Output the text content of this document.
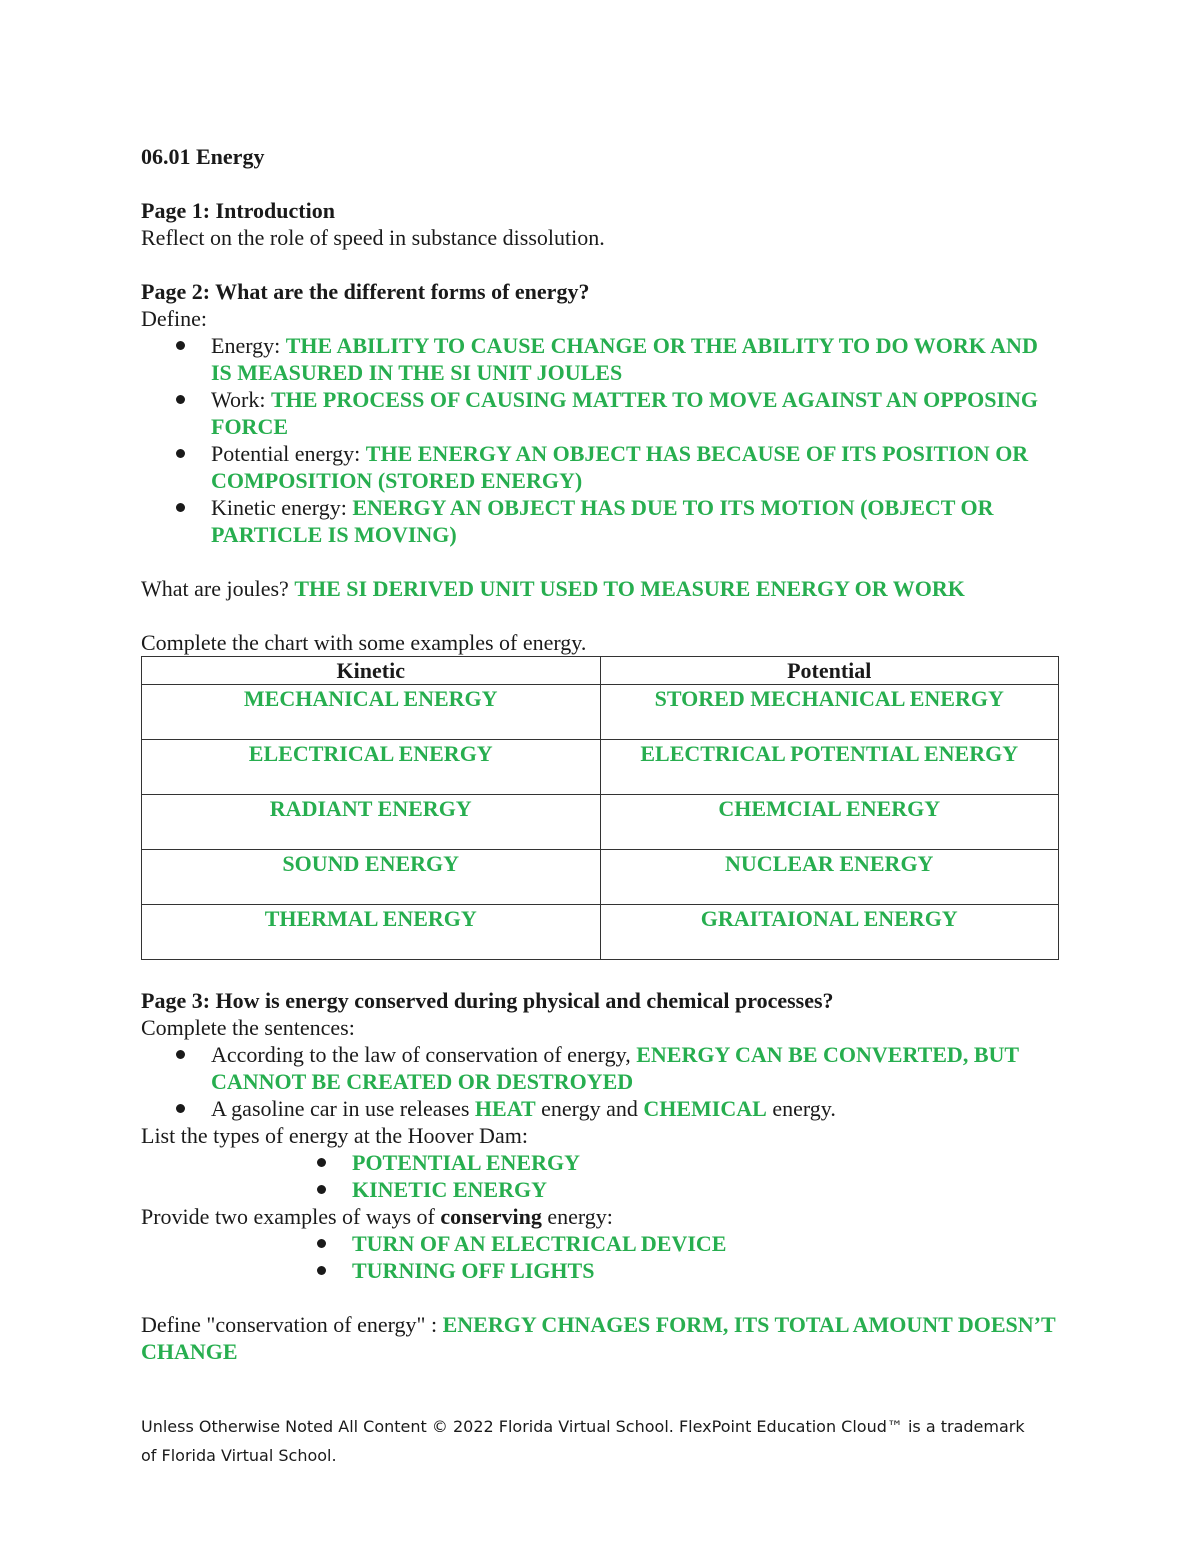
06.01 Energy

Page 1: Introduction

Reflect on the role of speed in substance dissolution.

Page 2: What are the different forms of energy?

Define:

Energy: THE ABILITY TO CAUSE CHANGE OR THE ABILITY TO DO WORK AND IS MEASURED IN THE SI UNIT JOULES
Work: THE PROCESS OF CAUSING MATTER TO MOVE AGAINST AN OPPOSING FORCE
Potential energy: THE ENERGY AN OBJECT HAS BECAUSE OF ITS POSITION OR COMPOSITION (STORED ENERGY)
Kinetic energy: ENERGY AN OBJECT HAS DUE TO ITS MOTION (OBJECT OR PARTICLE IS MOVING)

What are joules? THE SI DERIVED UNIT USED TO MEASURE ENERGY OR WORK

Complete the chart with some examples of energy.

Kinetic	Potential
MECHANICAL ENERGY	STORED MECHANICAL ENERGY
ELECTRICAL ENERGY	ELECTRICAL POTENTIAL ENERGY
RADIANT ENERGY	CHEMCIAL ENERGY
SOUND ENERGY	NUCLEAR ENERGY
THERMAL ENERGY	GRAITAIONAL ENERGY

Page 3: How is energy conserved during physical and chemical processes?

Complete the sentences:

According to the law of conservation of energy, ENERGY CAN BE CONVERTED, BUT CANNOT BE CREATED OR DESTROYED
A gasoline car in use releases HEAT energy and CHEMICAL energy.

List the types of energy at the Hoover Dam:

POTENTIAL ENERGY
KINETIC ENERGY

Provide two examples of ways of conserving energy:

TURN OF AN ELECTRICAL DEVICE
TURNING OFF LIGHTS

Define "conservation of energy" : ENERGY CHNAGES FORM, ITS TOTAL AMOUNT DOESN’T CHANGE

Unless Otherwise Noted All Content © 2022 Florida Virtual School. FlexPoint Education Cloud™ is a trademark of Florida Virtual School.
